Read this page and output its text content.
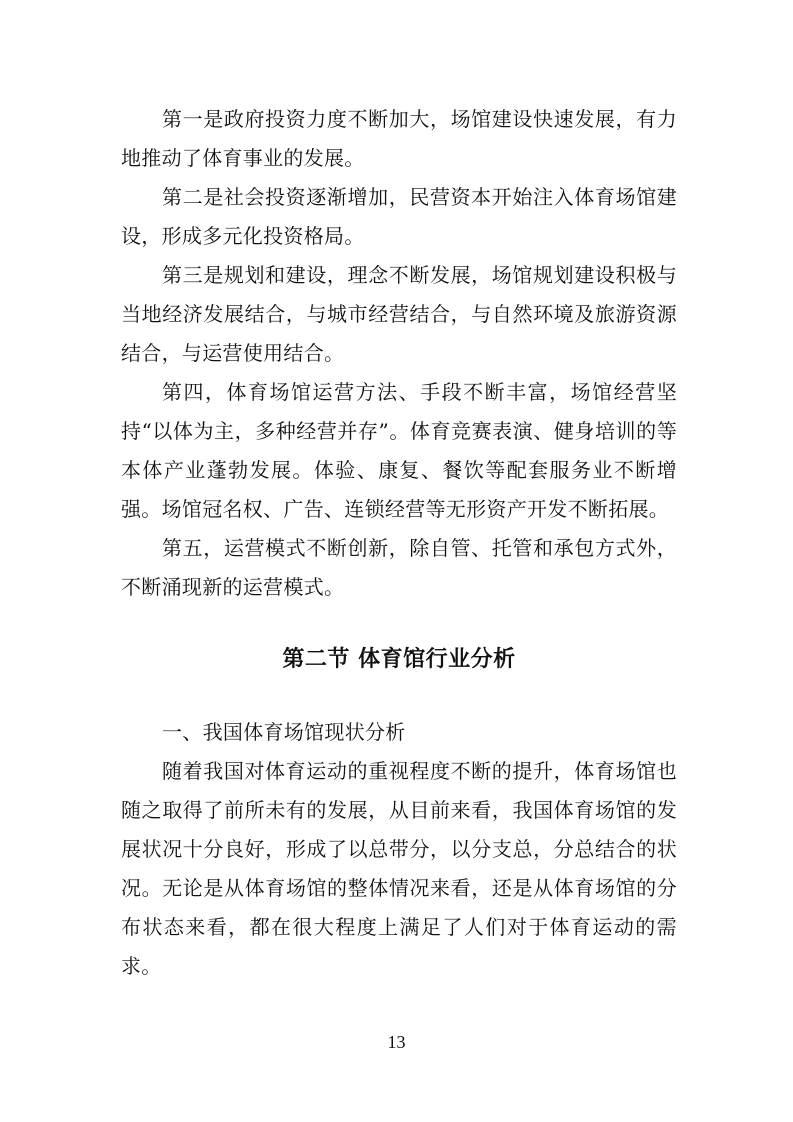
第一是政府投资力度不断加大，场馆建设快速发展，有力地推动了体育事业的发展。

第二是社会投资逐渐增加，民营资本开始注入体育场馆建设，形成多元化投资格局。

第三是规划和建设，理念不断发展，场馆规划建设积极与当地经济发展结合，与城市经营结合，与自然环境及旅游资源结合，与运营使用结合。

第四，体育场馆运营方法、手段不断丰富，场馆经营坚持“以体为主，多种经营并存”。体育竞赛表演、健身培训的等本体产业蓬勃发展。体验、康复、餐饮等配套服务业不断增强。场馆冠名权、广告、连锁经营等无形资产开发不断拓展。

第五，运营模式不断创新，除自管、托管和承包方式外，不断涌现新的运营模式。

第二节 体育馆行业分析

一、我国体育场馆现状分析

随着我国对体育运动的重视程度不断的提升，体育场馆也随之取得了前所未有的发展，从目前来看，我国体育场馆的发展状况十分良好，形成了以总带分，以分支总，分总结合的状况。无论是从体育场馆的整体情况来看，还是从体育场馆的分布状态来看，都在很大程度上满足了人们对于体育运动的需求。

13
